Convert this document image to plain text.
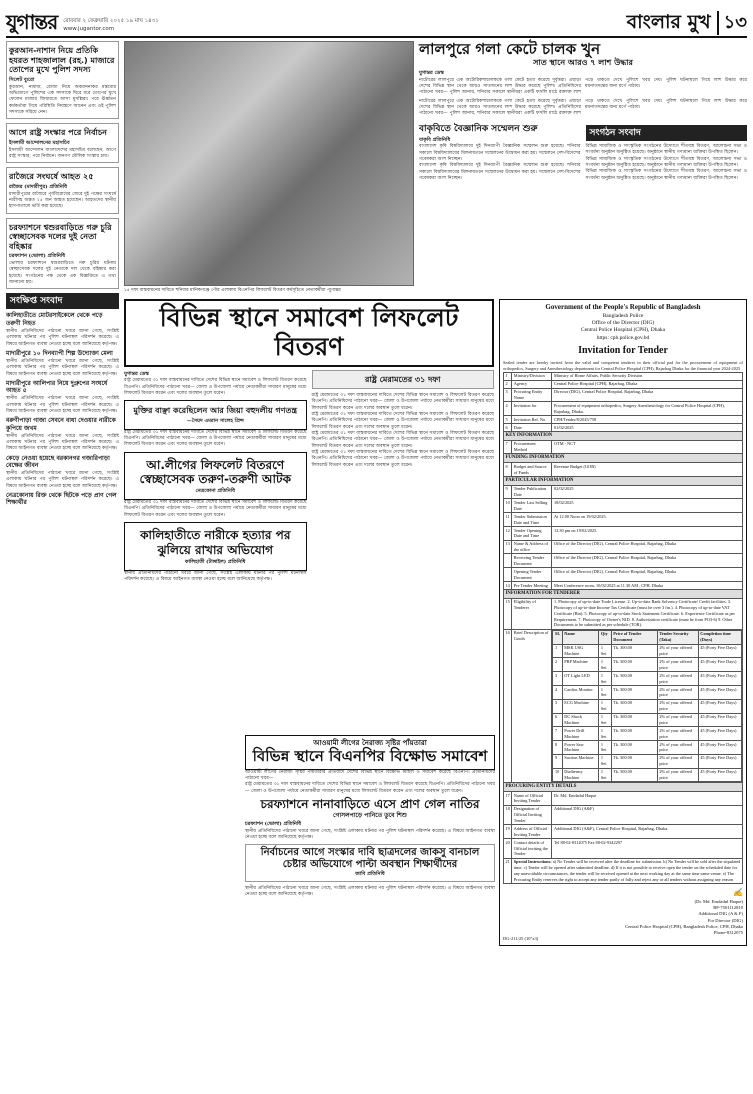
যুগান্তর রোববার ২ ফেব্রুয়ারি ২০২৫ ১৯ মাঘ ১৪৩১
www.jugantor.com	বাংলার মুখ ১৩
কুরআন-নাশান নিয়ে প্রতিকি হযরত শাহজালাল (রহ.) মাজারে তোপের মুখে পুলিশ সদস্য
সিলেট ব্যুরো
কুরআন, নামাজ, রোজা নিয়ে অবমাননাকর মন্তব্যের অভিযোগে পুলিশের এক সদস্যকে ঘিরে ধরে তোপের মুখে ফেলেন মাজার জিয়ারতে আসা মুসল্লিরা। পরে ঊর্ধ্বতন কর্মকর্তারা গিয়ে পরিস্থিতি নিয়ন্ত্রণে আনেন এবং ওই পুলিশ সদস্যকে সরিয়ে নেন।
আগে রাষ্ট্র সংস্কার পরে নির্বাচন
ইসলামী আন্দোলনের মহাসচিব
ইসলামী আন্দোলন বাংলাদেশের মহাসচিব বলেছেন, আগে রাষ্ট্র সংস্কার, পরে নির্বাচন। জনগণ মৌলিক সংস্কার চায়।
রাজৈরে সংঘর্ষে আহত ২৫
রাজৈর (মাদারীপুর) প্রতিনিধি
মাদারীপুরের রাজৈরে পূর্ববিরোধের জেরে দুই পক্ষের সংঘর্ষে নারীসহ অন্তত ২৫ জন আহত হয়েছেন। আহতদের স্থানীয় হাসপাতালে ভর্তি করা হয়েছে।
চরফ্যাশনে শ্বশুরবাড়িতে গরু চুরি স্বেচ্ছাসেবক দলের দুই নেতা বহিষ্কার
চরফ্যাশন (ভোলা) প্রতিনিধি
ভোলার চরফ্যাশনে শ্বশুরবাড়িতে গরু চুরির ঘটনায় স্বেচ্ছাসেবক দলের দুই নেতাকে দল থেকে বহিষ্কার করা হয়েছে। সংগঠনের পক্ষ থেকে এক বিজ্ঞপ্তিতে এ তথ্য জানানো হয়।
সংক্ষিপ্ত সংবাদ
কালিহাতীতে মোটরসাইকেলে থেকে পড়ে তরুণী নিহত
স্থানীয় প্রতিনিধিদের পাঠানো খবরে জানা গেছে, সংশ্লিষ্ট এলাকায় ঘটনার পর পুলিশ ঘটনাস্থল পরিদর্শন করেছে। এ বিষয়ে আইনগত ব্যবস্থা নেওয়া হচ্ছে বলে জানিয়েছে কর্তৃপক্ষ।
মাদারীপুরে ১০ দিনব্যাপী শিল্প উদ্যোক্তা মেলা
স্থানীয় প্রতিনিধিদের পাঠানো খবরে জানা গেছে, সংশ্লিষ্ট এলাকায় ঘটনার পর পুলিশ ঘটনাস্থল পরিদর্শন করেছে। এ বিষয়ে আইনগত ব্যবস্থা নেওয়া হচ্ছে বলে জানিয়েছে কর্তৃপক্ষ।
মাদারীপুরে আলিপার নিয়ে দুগ্রুপের সংঘর্ষে আহত ৫
স্থানীয় প্রতিনিধিদের পাঠানো খবরে জানা গেছে, সংশ্লিষ্ট এলাকায় ঘটনার পর পুলিশ ঘটনাস্থল পরিদর্শন করেছে। এ বিষয়ে আইনগত ব্যবস্থা নেওয়া হচ্ছে বলে জানিয়েছে কর্তৃপক্ষ।
বরুণীপাড়া গাজা সেবনে বাধা দেওয়ার নারীকে কুপিয়ে জখম
স্থানীয় প্রতিনিধিদের পাঠানো খবরে জানা গেছে, সংশ্লিষ্ট এলাকায় ঘটনার পর পুলিশ ঘটনাস্থল পরিদর্শন করেছে। এ বিষয়ে আইনগত ব্যবস্থা নেওয়া হচ্ছে বলে জানিয়েছে কর্তৃপক্ষ।
কেড়ে নেওয়া হয়েছে বরকানগর গজারিপাড়া বেক্ষের জীবন
স্থানীয় প্রতিনিধিদের পাঠানো খবরে জানা গেছে, সংশ্লিষ্ট এলাকায় ঘটনার পর পুলিশ ঘটনাস্থল পরিদর্শন করেছে। এ বিষয়ে আইনগত ব্যবস্থা নেওয়া হচ্ছে বলে জানিয়েছে কর্তৃপক্ষ।
নেত্রকোনায় রিক্ত থেকে ছিটকে পড়ে প্রাণ গেল শিক্ষার্থীর
১৫ দফা বাস্তবায়নের দাবিতে শনিবার মানিকগঞ্জে পৌর এলাকায় বিএনপির লিফলেট বিতরণ কর্মসূচিতে নেতাকর্মীরা -যুগান্তর
লালপুরে গলা কেটে চালক খুন
সাত স্থানে আরও ৭ লাশ উদ্ধার
যুগান্তর ডেস্ক
নাটোরের লালপুরে এক অটোরিকশাচালককে গলা কেটে হত্যা করেছে দুর্বৃত্তরা। এছাড়া দেশের বিভিন্ন স্থান থেকে আরও সাতজনের লাশ উদ্ধার করেছে পুলিশ। প্রতিনিধিদের পাঠানো খবর— পুলিশ জানায়, শনিবার সকালে স্থানীয়রা একটি ফসলি মাঠে রক্তাক্ত লাশ পড়ে থাকতে দেখে পুলিশে খবর দেয়। পুলিশ ঘটনাস্থলে গিয়ে লাশ উদ্ধার করে ময়নাতদন্তের জন্য মর্গে পাঠায়।
নাটোরের লালপুরে এক অটোরিকশাচালককে গলা কেটে হত্যা করেছে দুর্বৃত্তরা। এছাড়া দেশের বিভিন্ন স্থান থেকে আরও সাতজনের লাশ উদ্ধার করেছে পুলিশ। প্রতিনিধিদের পাঠানো খবর— পুলিশ জানায়, শনিবার সকালে স্থানীয়রা একটি ফসলি মাঠে রক্তাক্ত লাশ পড়ে থাকতে দেখে পুলিশে খবর দেয়। পুলিশ ঘটনাস্থলে গিয়ে লাশ উদ্ধার করে ময়নাতদন্তের জন্য মর্গে পাঠায়।
বাকৃবিতে বৈজ্ঞানিক সম্মেলন শুরু
বাকৃবি প্রতিনিধি
বাংলাদেশ কৃষি বিশ্ববিদ্যালয়ে দুই দিনব্যাপী বৈজ্ঞানিক সম্মেলন শুরু হয়েছে। শনিবার সকালে বিশ্ববিদ্যালয়ের মিলনায়তনে সম্মেলনের উদ্বোধন করা হয়। সম্মেলনে দেশ-বিদেশের গবেষকরা অংশ নিচ্ছেন।
বাংলাদেশ কৃষি বিশ্ববিদ্যালয়ে দুই দিনব্যাপী বৈজ্ঞানিক সম্মেলন শুরু হয়েছে। শনিবার সকালে বিশ্ববিদ্যালয়ের মিলনায়তনে সম্মেলনের উদ্বোধন করা হয়। সম্মেলনে দেশ-বিদেশের গবেষকরা অংশ নিচ্ছেন।
সংগঠন সংবাদ
বিভিন্ন সামাজিক ও সাংস্কৃতিক সংগঠনের উদ্যোগে শীতবস্ত্র বিতরণ, আলোচনা সভা ও সংবর্ধনা অনুষ্ঠান অনুষ্ঠিত হয়েছে। অনুষ্ঠানে স্থানীয় গণ্যমান্য ব্যক্তিরা উপস্থিত ছিলেন।
বিভিন্ন সামাজিক ও সাংস্কৃতিক সংগঠনের উদ্যোগে শীতবস্ত্র বিতরণ, আলোচনা সভা ও সংবর্ধনা অনুষ্ঠান অনুষ্ঠিত হয়েছে। অনুষ্ঠানে স্থানীয় গণ্যমান্য ব্যক্তিরা উপস্থিত ছিলেন।
বিভিন্ন সামাজিক ও সাংস্কৃতিক সংগঠনের উদ্যোগে শীতবস্ত্র বিতরণ, আলোচনা সভা ও সংবর্ধনা অনুষ্ঠান অনুষ্ঠিত হয়েছে। অনুষ্ঠানে স্থানীয় গণ্যমান্য ব্যক্তিরা উপস্থিত ছিলেন।
বিভিন্ন স্থানে সমাবেশ লিফলেট বিতরণ
যুগান্তর ডেস্ক
রাষ্ট্র মেরামতের ৩১ দফা বাস্তবায়নের দাবিতে দেশের বিভিন্ন স্থানে সমাবেশ ও লিফলেট বিতরণ করেছে বিএনপি। প্রতিনিধিদের পাঠানো খবর— জেলা ও উপজেলা পর্যায়ে নেতাকর্মীরা সাধারণ মানুষের মধ্যে লিফলেট বিতরণ করেন এবং দলের অবস্থান তুলে ধরেন।
মুক্তির বাঞ্ছা করেছিলেন আর জিয়া বহুদলীয় গণতন্ত্র
—সৈয়দ এমরান সালেহ প্রিন্স
রাষ্ট্র মেরামতের ৩১ দফা বাস্তবায়নের দাবিতে দেশের বিভিন্ন স্থানে সমাবেশ ও লিফলেট বিতরণ করেছে বিএনপি। প্রতিনিধিদের পাঠানো খবর— জেলা ও উপজেলা পর্যায়ে নেতাকর্মীরা সাধারণ মানুষের মধ্যে লিফলেট বিতরণ করেন এবং দলের অবস্থান তুলে ধরেন।
আ.লীগের লিফলেট বিতরণে স্বেচ্ছাসেবক তরুণ-তরুণী আটক
নেত্রকোনা প্রতিনিধি
রাষ্ট্র মেরামতের ৩১ দফা বাস্তবায়নের দাবিতে দেশের বিভিন্ন স্থানে সমাবেশ ও লিফলেট বিতরণ করেছে বিএনপি। প্রতিনিধিদের পাঠানো খবর— জেলা ও উপজেলা পর্যায়ে নেতাকর্মীরা সাধারণ মানুষের মধ্যে লিফলেট বিতরণ করেন এবং দলের অবস্থান তুলে ধরেন।
কালিহাতীতে নারীকে হত্যার পর ঝুলিয়ে রাখার অভিযোগ
কালিহাতী (টাঙ্গাইল) প্রতিনিধি
স্থানীয় প্রতিনিধিদের পাঠানো খবরে জানা গেছে, সংশ্লিষ্ট এলাকায় ঘটনার পর পুলিশ ঘটনাস্থল পরিদর্শন করেছে। এ বিষয়ে আইনগত ব্যবস্থা নেওয়া হচ্ছে বলে জানিয়েছে কর্তৃপক্ষ।
রাষ্ট্র মেরামতের ৩১ দফা
রাষ্ট্র মেরামতের ৩১ দফা বাস্তবায়নের দাবিতে দেশের বিভিন্ন স্থানে সমাবেশ ও লিফলেট বিতরণ করেছে বিএনপি। প্রতিনিধিদের পাঠানো খবর— জেলা ও উপজেলা পর্যায়ে নেতাকর্মীরা সাধারণ মানুষের মধ্যে লিফলেট বিতরণ করেন এবং দলের অবস্থান তুলে ধরেন।
রাষ্ট্র মেরামতের ৩১ দফা বাস্তবায়নের দাবিতে দেশের বিভিন্ন স্থানে সমাবেশ ও লিফলেট বিতরণ করেছে বিএনপি। প্রতিনিধিদের পাঠানো খবর— জেলা ও উপজেলা পর্যায়ে নেতাকর্মীরা সাধারণ মানুষের মধ্যে লিফলেট বিতরণ করেন এবং দলের অবস্থান তুলে ধরেন।
রাষ্ট্র মেরামতের ৩১ দফা বাস্তবায়নের দাবিতে দেশের বিভিন্ন স্থানে সমাবেশ ও লিফলেট বিতরণ করেছে বিএনপি। প্রতিনিধিদের পাঠানো খবর— জেলা ও উপজেলা পর্যায়ে নেতাকর্মীরা সাধারণ মানুষের মধ্যে লিফলেট বিতরণ করেন এবং দলের অবস্থান তুলে ধরেন।
রাষ্ট্র মেরামতের ৩১ দফা বাস্তবায়নের দাবিতে দেশের বিভিন্ন স্থানে সমাবেশ ও লিফলেট বিতরণ করেছে বিএনপি। প্রতিনিধিদের পাঠানো খবর— জেলা ও উপজেলা পর্যায়ে নেতাকর্মীরা সাধারণ মানুষের মধ্যে লিফলেট বিতরণ করেন এবং দলের অবস্থান তুলে ধরেন।
Government of the People's Republic of Bangladesh
Bangladesh Police
Office of the Director (DIG)
Central Police Hospital (CPH), Dhaka
https: cph.police.gov.bd
Invitation for Tender
Sealed tender are hereby invited from the valid and competent tenderer in their official pad for the procurement of equipment of orthopedics, Surgery and Anesthesiology department for Central Police Hospital (CPH), Rajarbag Dhaka for the financial year 2024-2025
1	Ministry/Division	Ministry of Home Affairs, Public Security Division
2	Agency	Central Police Hospital (CPH), Rajarbag, Dhaka
3	Procuring Entity Name	Director (DIG), Central Police Hospital, Rajarbag, Dhaka
4	Invitation for	Procurement of equipment orthopedics, Surgery Anesthesiology for Central Police Hospital (CPH), Rajarbag, Dhaka.
5	Invitation Ref. No.	CPH/Tender/8/2025/758
6	Date	01/02/2025
KEY INFORMATION
7	Procurement Method	OTM - NCT
FUNDING INFORMATION
8	Budget and Source of Funds	Revenue Budget (GOB)
PARTICULAR INFORMATION
9	Tender Publication Date	02/02/2025
10	Tender Last Selling Date	18/02/2025
11	Tender Submission Date and Time	At 12.00 Noon on 19/02/2025.
12	Tender Opening Date and Time	12.30 pm on 19/02/2025.
13	Name & Address of the office	Office of the Director (DIG), Central Police Hospital, Rajarbag, Dhaka
	Receiving Tender Document	Office of the Director (DIG), Central Police Hospital, Rajarbag, Dhaka
	Opening Tender Document	Office of the Director (DIG), Central Police Hospital, Rajarbag, Dhaka
14	Pre Tender Meeting	Meet Conference room, 10/02/2025 at 11.30 AM , CPH, Dhaka
INFORMATION FOR TENDERER
15	Eligibility of Tenderer	1. Photocopy of up-to-date Trade License. 2. Up-to-date Bank Solvency Certificate/ Credit facilities. 3. Photocopy of up-to-date Income Tax Certificate (must be over 3 fin.). 4. Photocopy of up-to-date VAT Certificate (Bin). 5. Photocopy of up-to-date Stock Statement Certificate. 6. Experience Certificate as per Requirement. 7. Photocopy of Owner's NID. 8. Authorization certificate (must be from PO3-6) 9. Other Documents to be submitted as per schedule (TOR).
16	Brief Description of Goods	
SL	Name	Qty	Price of Tender Document	Tender Security (Taka)	Completion time (Days)
1	MSK USG Machine	1 Set	Tk. 300.00	2% of your offered price	45 (Forty Five Days)
2	PRP Machine	1 Set	Tk. 300.00	2% of your offered price	45 (Forty Five Days)
3	OT Light LED	1 Set	Tk. 300.00	2% of your offered price	45 (Forty Five Days)
4	Cardiac Monitor	1 Set	Tk. 300.00	2% of your offered price	45 (Forty Five Days)
5	ECG Machine	1 Set	Tk. 300.00	2% of your offered price	45 (Forty Five Days)
6	DC Shock Machine	1 Set	Tk. 300.00	2% of your offered price	45 (Forty Five Days)
7	Power Drill Machine	1 Set	Tk. 300.00	2% of your offered price	45 (Forty Five Days)
8	Power Saw Machine	1 Set	Tk. 300.00	2% of your offered price	45 (Forty Five Days)
9	Suction Machine	1 Set	Tk. 300.00	2% of your offered price	45 (Forty Five Days)
10	Diathermy Machine	1 Set	Tk. 300.00	2% of your offered price	45 (Forty Five Days)

PROCURING ENTITY DETAILS
17	Name of Official Inviting Tender	Dr. Md. Emdadul Haque
18	Designation of Official Inviting Tender	Additional DIG (A&F)
19	Address of Official Inviting Tender	Additional DIG (A&F), Central Police Hospital, Rajarbag, Dhaka.
20	Contact details of Official inviting the Tender	Tel 88-02-8312075 Fax 88-02-9342297
21	Special Instructions: a) No Tender will be received after the deadline for submission. b) No Tender will be sold after the stipulated time. c) Tender will be opened after submitted deadline. d) If it is not possible to receive open the tender on the scheduled date for any unavoidable circumstances, the tender will be received opened at the next working day at the same time same venue. e) The Procuring Entity reserves the right to accept any tender partly of fully and reject any or all tenders without assigning any reason
✍
(Dr. Md. Emdadul Haque)
BP-7501112810
Additional DIG (A & F)
For Director (DIG)
Central Police Hospital (CPH), Bangladesh Police, CPH, Dhaka
Phone-8312075
DG-211/25 (10"x3)
আওয়ামী লীগের নৈরাজ্য সৃষ্টির পাঁয়তারা
বিভিন্ন স্থানে বিএনপির বিক্ষোভ সমাবেশ
আওয়ামী লীগের নৈরাজ্য সৃষ্টির পাঁয়তারার প্রতিবাদে দেশের বিভিন্ন স্থানে বিক্ষোভ মিছিল ও সমাবেশ করেছে বিএনপি। প্রতিনিধিদের পাঠানো খবর—
রাষ্ট্র মেরামতের ৩১ দফা বাস্তবায়নের দাবিতে দেশের বিভিন্ন স্থানে সমাবেশ ও লিফলেট বিতরণ করেছে বিএনপি। প্রতিনিধিদের পাঠানো খবর— জেলা ও উপজেলা পর্যায়ে নেতাকর্মীরা সাধারণ মানুষের মধ্যে লিফলেট বিতরণ করেন এবং দলের অবস্থান তুলে ধরেন।
চরফ্যাশনে নানাবাড়িতে এসে প্রাণ গেল নাতির
গোসলপাড়ে পানিতে ডুবে শিশু
চরফ্যাশন (ভোলা) প্রতিনিধি
স্থানীয় প্রতিনিধিদের পাঠানো খবরে জানা গেছে, সংশ্লিষ্ট এলাকায় ঘটনার পর পুলিশ ঘটনাস্থল পরিদর্শন করেছে। এ বিষয়ে আইনগত ব্যবস্থা নেওয়া হচ্ছে বলে জানিয়েছে কর্তৃপক্ষ।
নির্বাচনের আগে সংস্কার দাবি ছাত্রদলের জাকসু বানচাল চেষ্টার অভিযোগে পাল্টা অবস্থান শিক্ষার্থীদের
জাবি প্রতিনিধি
স্থানীয় প্রতিনিধিদের পাঠানো খবরে জানা গেছে, সংশ্লিষ্ট এলাকায় ঘটনার পর পুলিশ ঘটনাস্থল পরিদর্শন করেছে। এ বিষয়ে আইনগত ব্যবস্থা নেওয়া হচ্ছে বলে জানিয়েছে কর্তৃপক্ষ।
